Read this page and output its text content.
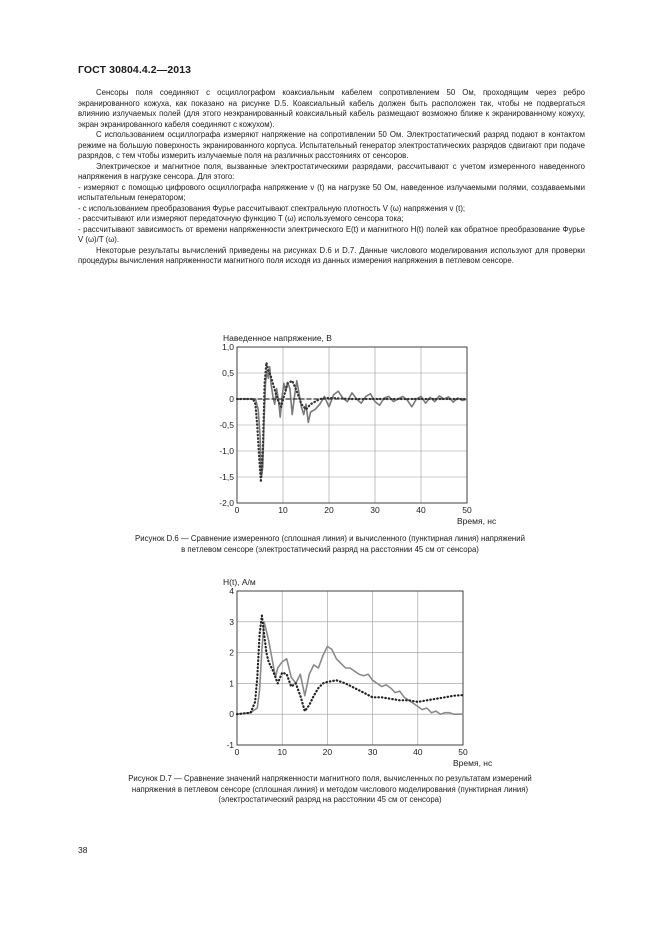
ГОСТ 30804.4.2—2013

Сенсоры поля соединяют с осциллографом коаксиальным кабелем сопротивлением 50 Ом, проходящим через ребро экранированного кожуха, как показано на рисунке D.5. Коаксиальный кабель должен быть расположен так, чтобы не подвергаться влиянию излучаемых полей (для этого неэкранированный коаксиальный кабель размещают возможно ближе к экранированному кожуху, экран экранированного кабеля соединяют с кожухом).

С использованием осциллографа измеряют напряжение на сопротивлении 50 Ом. Электростатический разряд подают в контактом режиме на большую поверхность экранированного корпуса. Испытательный генератор электростатических разрядов сдвигают при подаче разрядов, с тем чтобы измерить излучаемые поля на различных расстояниях от сенсоров.

Электрическое и магнитное поля, вызванные электростатическими разрядами, рассчитывают с учетом измеренного наведенного напряжения в нагрузке сенсора. Для этого:

- измеряют с помощью цифрового осциллографа напряжение v (t) на нагрузке 50 Ом, наведенное излучаемыми полями, создаваемыми испытательным генератором;

- с использованием преобразования Фурье рассчитывают спектральную плотность V (ω) напряжения v (t);

- рассчитывают или измеряют передаточную функцию T (ω) используемого сенсора тока;

- рассчитывают зависимость от времени напряженности электрического E(t) и магнитного H(t) полей как обратное преобразование Фурье V (ω)/T (ω).

Некоторые результаты вычислений приведены на рисунках D.6 и D.7. Данные числового моделирования используют для проверки процедуры вычисления напряженности магнитного поля исходя из данных измерения напряжения в петлевом сенсоре.

0	10	20	30	40	50
1,0
0,5
0
-0,5
-1,0
-1,5
-2,0
Наведенное напряжение, В
Время, нс
0	10	20	30	40	50
4
3
2
1
0
-1
H(t), А/м
Время, нс
Рисунок D.6 — Сравнение измеренного (сплошная линия) и вычисленного (пунктирная линия) напряжений
в петлевом сенсоре (электростатический разряд на расстоянии 45 см от сенсора)
Рисунок D.7 — Сравнение значений напряженности магнитного поля, вычисленных по результатам измерений
напряжения в петлевом сенсоре (сплошная линия) и методом числового моделирования (пунктирная линия)
(электростатический разряд на расстоянии 45 см от сенсора)
38
